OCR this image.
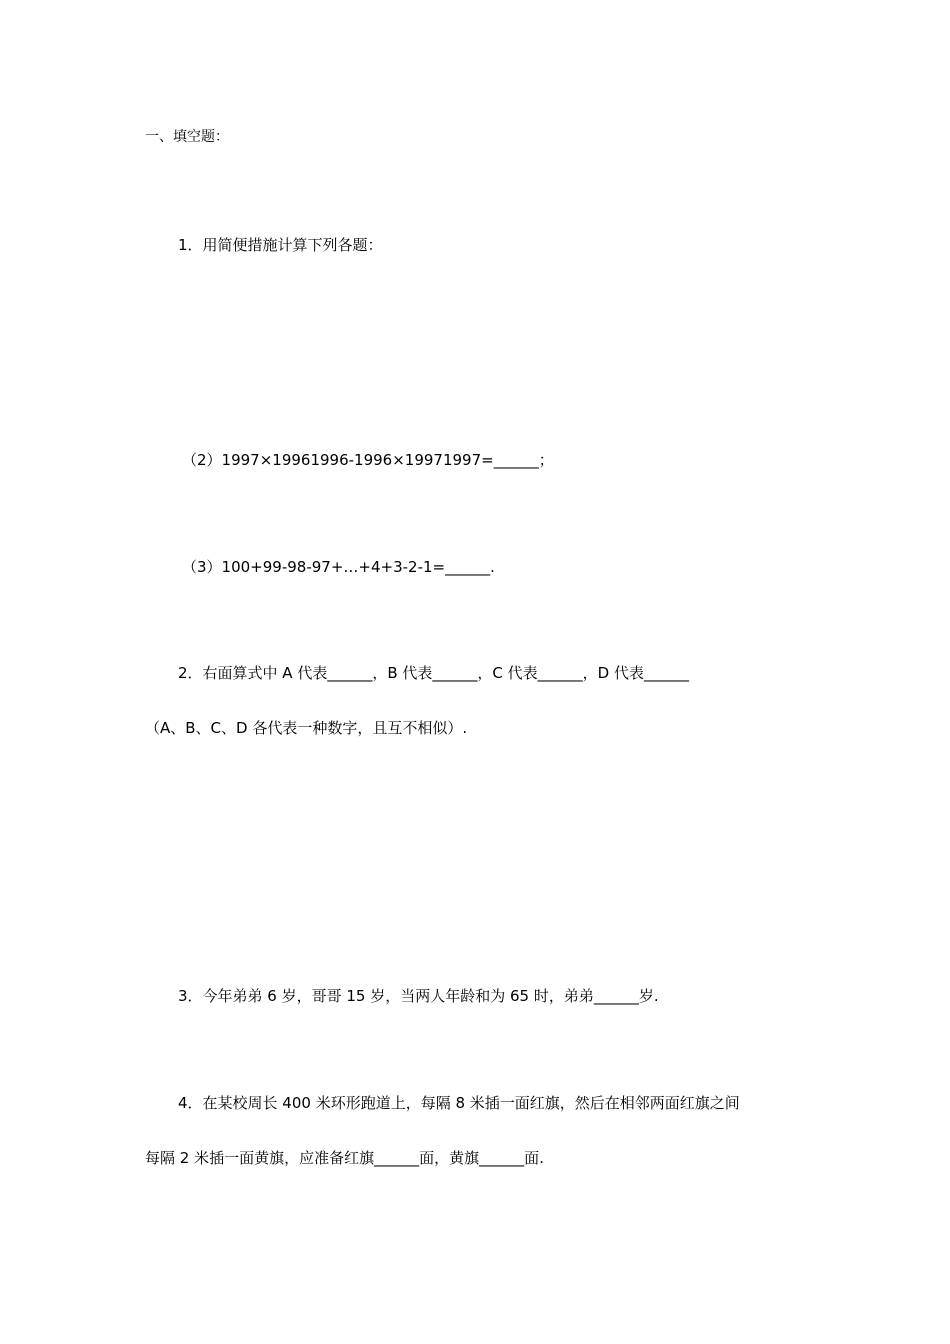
一、填空题：
1．用简便措施计算下列各题：
（2）1997×19961996-1996×19971997=______；
（3）100+99-98-97+…+4+3-2-1=______.
2．右面算式中 A 代表______，B 代表______，C 代表______，D 代表______
（A、B、C、D 各代表一种数字，且互不相似）.
3．今年弟弟 6 岁，哥哥 15 岁，当两人年龄和为 65 时，弟弟______岁.
4．在某校周长 400 米环形跑道上，每隔 8 米插一面红旗，然后在相邻两面红旗之间
每隔 2 米插一面黄旗，应准备红旗______面，黄旗______面.
